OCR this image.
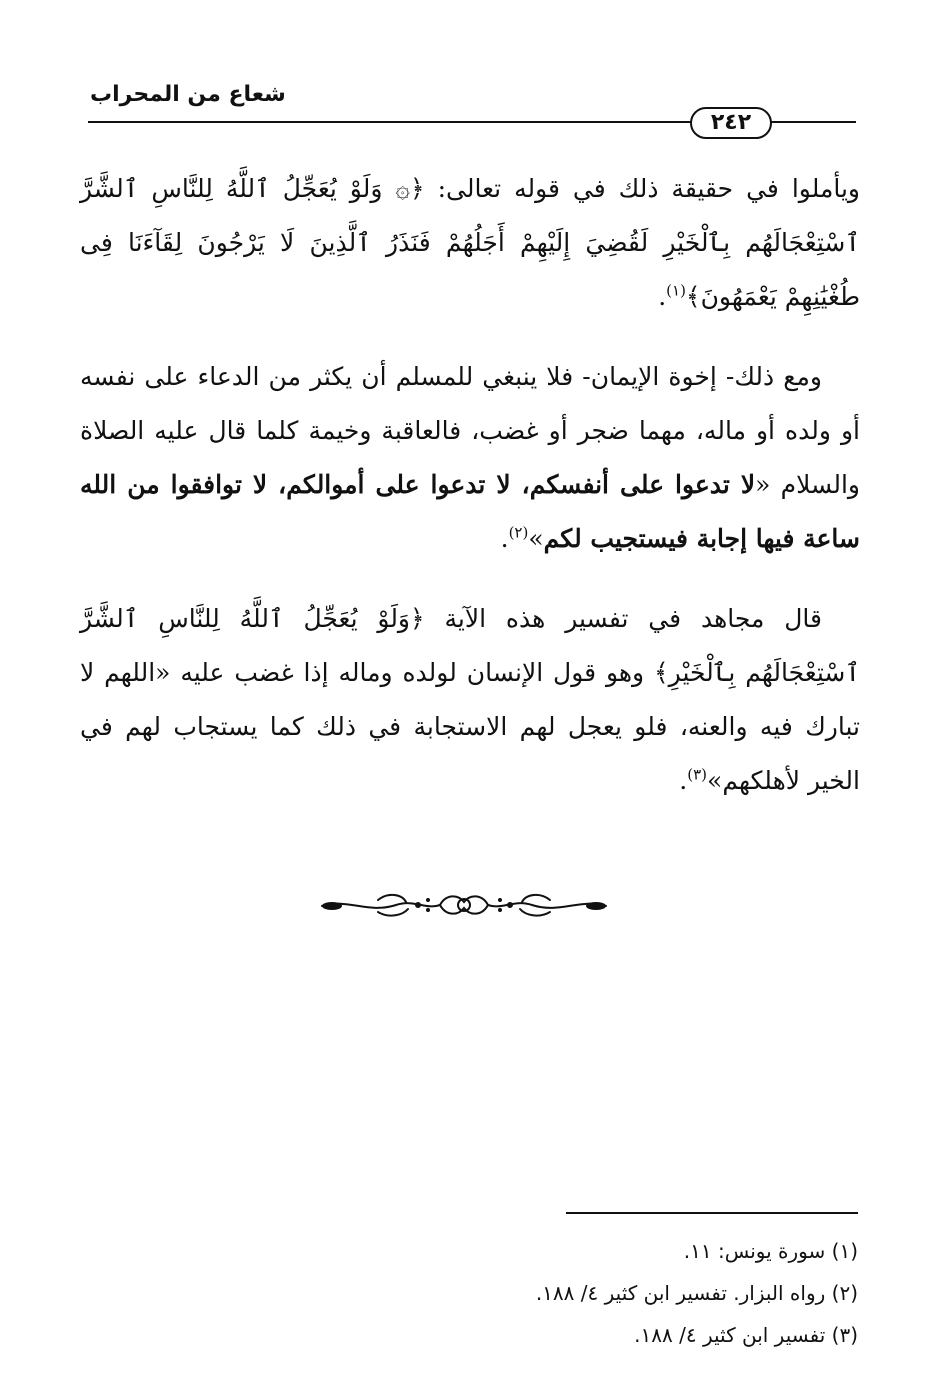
شعاع من المحراب
٢٤٢

ويأملوا في حقيقة ذلك في قوله تعالى: ﴿۞ وَلَوْ يُعَجِّلُ ٱللَّهُ لِلنَّاسِ ٱلشَّرَّ ٱسْتِعْجَالَهُم بِٱلْخَيْرِ لَقُضِيَ إِلَيْهِمْ أَجَلُهُمْ فَنَذَرُ ٱلَّذِينَ لَا يَرْجُونَ لِقَآءَنَا فِى طُغْيَٰنِهِمْ يَعْمَهُونَ﴾$^{(١)}$.

ومع ذلك- إخوة الإيمان- فلا ينبغي للمسلم أن يكثر من الدعاء على نفسه أو ولده أو ماله، مهما ضجر أو غضب، فالعاقبة وخيمة كلما قال عليه الصلاة والسلام «لا تدعوا على أنفسكم، لا تدعوا على أموالكم، لا توافقوا من الله ساعة فيها إجابة فيستجيب لكم»$^{(٢)}$.

قال مجاهد في تفسير هذه الآية ﴿وَلَوْ يُعَجِّلُ ٱللَّهُ لِلنَّاسِ ٱلشَّرَّ ٱسْتِعْجَالَهُم بِٱلْخَيْرِ﴾ وهو قول الإنسان لولده وماله إذا غضب عليه «اللهم لا تبارك فيه والعنه، فلو يعجل لهم الاستجابة في ذلك كما يستجاب لهم في الخير لأهلكهم»$^{(٣)}$.

(١) سورة يونس: ١١.

(٢) رواه البزار. تفسير ابن كثير ٤/ ١٨٨.

(٣) تفسير ابن كثير ٤/ ١٨٨.
